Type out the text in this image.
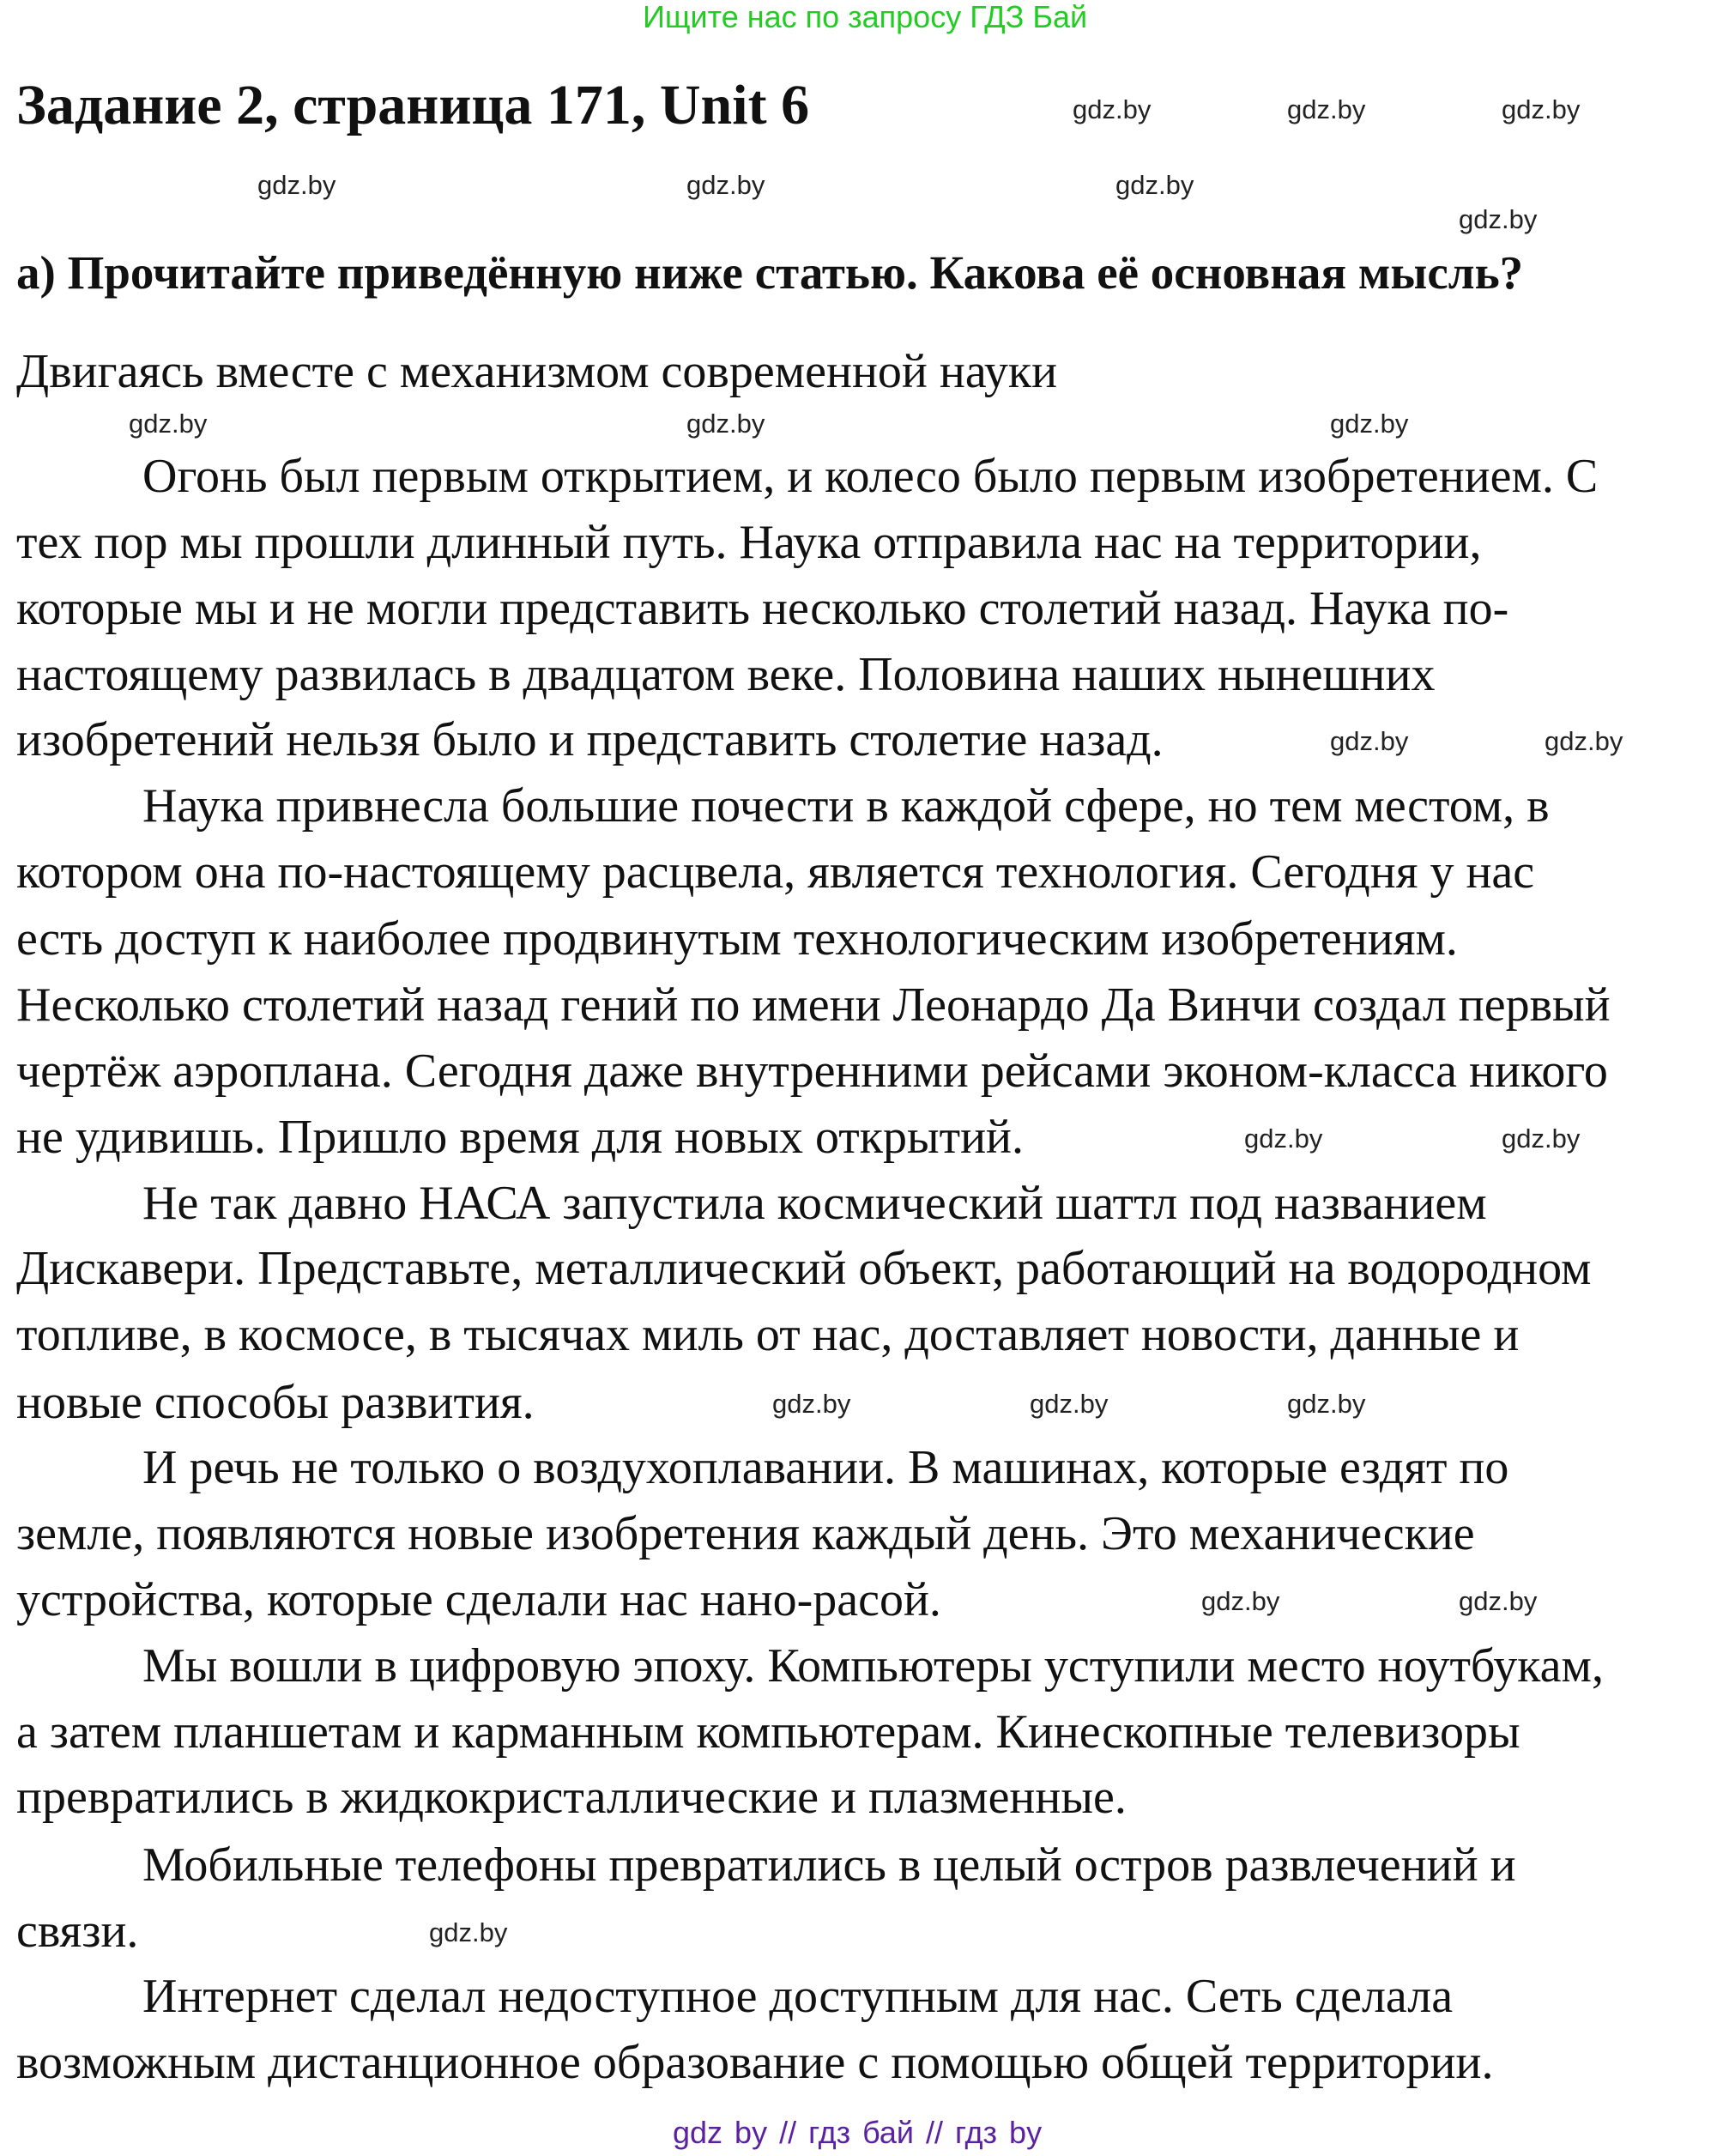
Ищите нас по запросу ГДЗ Бай
Задание 2, страница 171, Unit 6
а) Прочитайте приведённую ниже статью. Какова её основная мысль?
Двигаясь вместе с механизмом современной науки
Огонь был первым открытием, и колесо было первым изобретением. С
тех пор мы прошли длинный путь. Наука отправила нас на территории,
которые мы и не могли представить несколько столетий назад. Наука по-
настоящему развилась в двадцатом веке. Половина наших нынешних
изобретений нельзя было и представить столетие назад.
Наука привнесла большие почести в каждой сфере, но тем местом, в
котором она по-настоящему расцвела, является технология. Сегодня у нас
есть доступ к наиболее продвинутым технологическим изобретениям.
Несколько столетий назад гений по имени Леонардо Да Винчи создал первый
чертёж аэроплана. Сегодня даже внутренними рейсами эконом-класса никого
не удивишь. Пришло время для новых открытий.
Не так давно НАСА запустила космический шаттл под названием
Дискавери. Представьте, металлический объект, работающий на водородном
топливе, в космосе, в тысячах миль от нас, доставляет новости, данные и
новые способы развития.
И речь не только о воздухоплавании. В машинах, которые ездят по
земле, появляются новые изобретения каждый день. Это механические
устройства, которые сделали нас нано-расой.
Мы вошли в цифровую эпоху. Компьютеры уступили место ноутбукам,
а затем планшетам и карманным компьютерам. Кинескопные телевизоры
превратились в жидкокристаллические и плазменные.
Мобильные телефоны превратились в целый остров развлечений и
связи.
Интернет сделал недоступное доступным для нас. Сеть сделала
возможным дистанционное образование с помощью общей территории.
gdz.by	gdz.by	gdz.by
gdz.by	gdz.by	gdz.by
gdz.by
gdz.by	gdz.by	gdz.by
gdz.by	gdz.by
gdz.by	gdz.by
gdz.by	gdz.by	gdz.by
gdz.by	gdz.by
gdz.by
gdz by // гдз бай // гдз by
